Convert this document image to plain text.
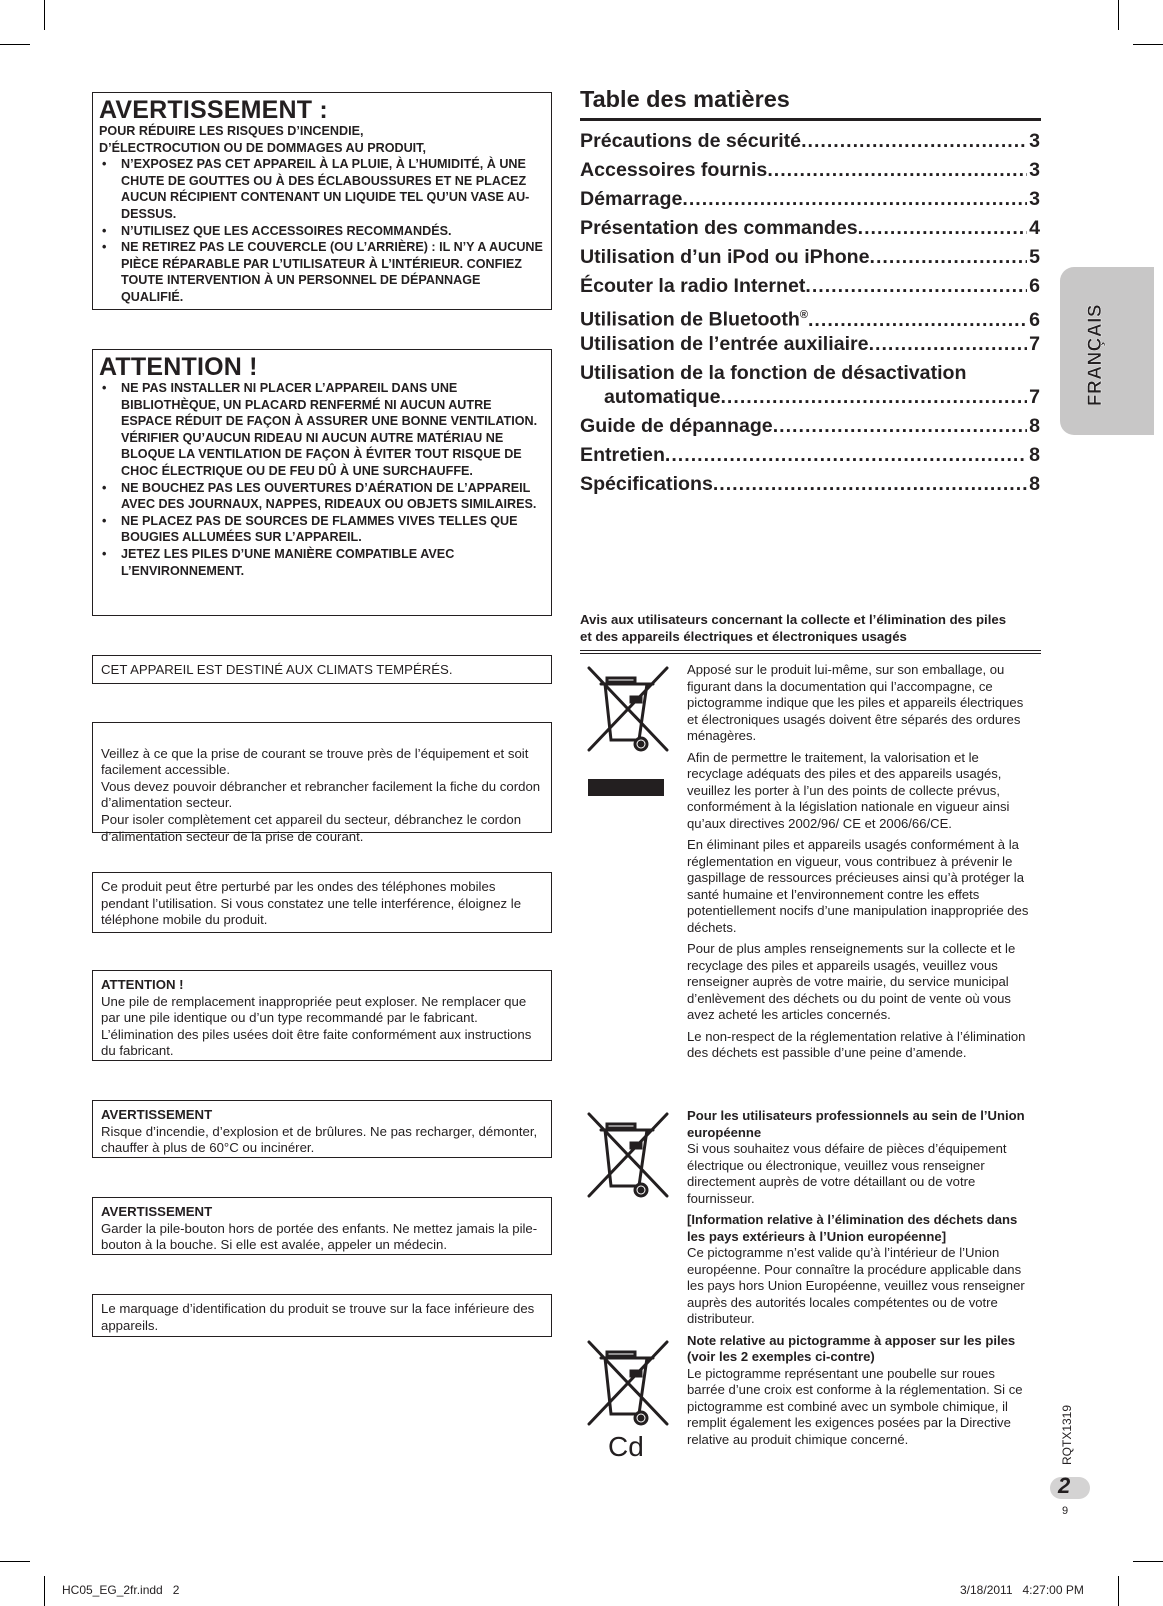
AVERTISSEMENT :
POUR RÉDUIRE LES RISQUES D’INCENDIE,
D’ÉLECTROCUTION OU DE DOMMAGES AU PRODUIT,
• N’EXPOSEZ PAS CET APPAREIL À LA PLUIE, À L’HUMIDITÉ, À UNE CHUTE DE GOUTTES OU À DES ÉCLABOUSSURES ET NE PLACEZ AUCUN RÉCIPIENT CONTENANT UN LIQUIDE TEL QU’UN VASE AU-DESSUS.
• N’UTILISEZ QUE LES ACCESSOIRES RECOMMANDÉS.
• NE RETIREZ PAS LE COUVERCLE (OU L’ARRIÈRE) : IL N’Y A AUCUNE PIÈCE RÉPARABLE PAR L’UTILISATEUR À L’INTÉRIEUR. CONFIEZ TOUTE INTERVENTION À UN PERSONNEL DE DÉPANNAGE QUALIFIÉ.
ATTENTION !
• NE PAS INSTALLER NI PLACER L’APPAREIL DANS UNE BIBLIOTHÈQUE, UN PLACARD RENFERMÉ NI AUCUN AUTRE ESPACE RÉDUIT DE FAÇON À ASSURER UNE BONNE VENTILATION. VÉRIFIER QU’AUCUN RIDEAU NI AUCUN AUTRE MATÉRIAU NE BLOQUE LA VENTILATION DE FAÇON À ÉVITER TOUT RISQUE DE CHOC ÉLECTRIQUE OU DE FEU DÛ À UNE SURCHAUFFE.
• NE BOUCHEZ PAS LES OUVERTURES D’AÉRATION DE L’APPAREIL AVEC DES JOURNAUX, NAPPES, RIDEAUX OU OBJETS SIMILAIRES.
• NE PLACEZ PAS DE SOURCES DE FLAMMES VIVES TELLES QUE BOUGIES ALLUMÉES SUR L’APPAREIL.
• JETEZ LES PILES D’UNE MANIÈRE COMPATIBLE AVEC L’ENVIRONNEMENT.
CET APPAREIL EST DESTINÉ AUX CLIMATS TEMPÉRÉS.

Veillez à ce que la prise de courant se trouve près de l’équipement et soit facilement accessible.
Vous devez pouvoir débrancher et rebrancher facilement la fiche du cordon d’alimentation secteur.
Pour isoler complètement cet appareil du secteur, débranchez le cordon d’alimentation secteur de la prise de courant.

Ce produit peut être perturbé par les ondes des téléphones mobiles pendant l’utilisation. Si vous constatez une telle interférence, éloignez le téléphone mobile du produit.
ATTENTION !
Une pile de remplacement inappropriée peut exploser. Ne remplacer que par une pile identique ou d’un type recommandé par le fabricant. L’élimination des piles usées doit être faite conformément aux instructions du fabricant.
AVERTISSEMENT
Risque d’incendie, d’explosion et de brûlures. Ne pas recharger, démonter, chauffer à plus de 60°C ou incinérer.
AVERTISSEMENT
Garder la pile-bouton hors de portée des enfants. Ne mettez jamais la pile-bouton à la bouche. Si elle est avalée, appeler un médecin.
Le marquage d’identification du produit se trouve sur la face inférieure des appareils.
Table des matières
Précautions de sécurité .....	3
Accessoires fournis .....	3
Démarrage .....	3
Présentation des commandes .....	4
Utilisation d’un iPod ou iPhone .....	5
Écouter la radio Internet .....	6
Utilisation de Bluetooth® .....	6
Utilisation de l’entrée auxiliaire .....	7
Utilisation de la fonction de désactivation
automatique .....	7
Guide de dépannage .....	8
Entretien .....	8
Spécifications .....	8
FRANÇAIS
Avis aux utilisateurs concernant la collecte et l’élimination des piles et des appareils électriques et électroniques usagés

Apposé sur le produit lui-même, sur son emballage, ou figurant dans la documentation qui l’accompagne, ce pictogramme indique que les piles et appareils électriques et électroniques usagés doivent être séparés des ordures ménagères.

Afin de permettre le traitement, la valorisation et le recyclage adéquats des piles et des appareils usagés, veuillez les porter à l’un des points de collecte prévus, conformément à la législation nationale en vigueur ainsi qu’aux directives 2002/96/ CE et 2006/66/CE.

En éliminant piles et appareils usagés conformément à la réglementation en vigueur, vous contribuez à prévenir le gaspillage de ressources précieuses ainsi qu’à protéger la santé humaine et l’environnement contre les effets potentiellement nocifs d’une manipulation inappropriée des déchets.

Pour de plus amples renseignements sur la collecte et le recyclage des piles et appareils usagés, veuillez vous renseigner auprès de votre mairie, du service municipal d’enlèvement des déchets ou du point de vente où vous avez acheté les articles concernés.

Le non-respect de la réglementation relative à l’élimination des déchets est passible d’une peine d’amende.

Pour les utilisateurs professionnels au sein de l’Union européenne
Si vous souhaitez vous défaire de pièces d’équipement électrique ou électronique, veuillez vous renseigner directement auprès de votre détaillant ou de votre fournisseur.

[Information relative à l’élimination des déchets dans les pays extérieurs à l’Union européenne]
Ce pictogramme n’est valide qu’à l’intérieur de l’Union européenne. Pour connaître la procédure applicable dans les pays hors Union Européenne, veuillez vous renseigner auprès des autorités locales compétentes ou de votre distributeur.

Note relative au pictogramme à apposer sur les piles (voir les 2 exemples ci-contre)
Le pictogramme représentant une poubelle sur roues barrée d’une croix est conforme à la réglementation. Si ce pictogramme est combiné avec un symbole chimique, il remplit également les exigences posées par la Directive relative au produit chimique concerné.

Cd	RQTX1319
2
9
HC05_EG_2fr.indd   2	3/18/2011   4:27:00 PM
